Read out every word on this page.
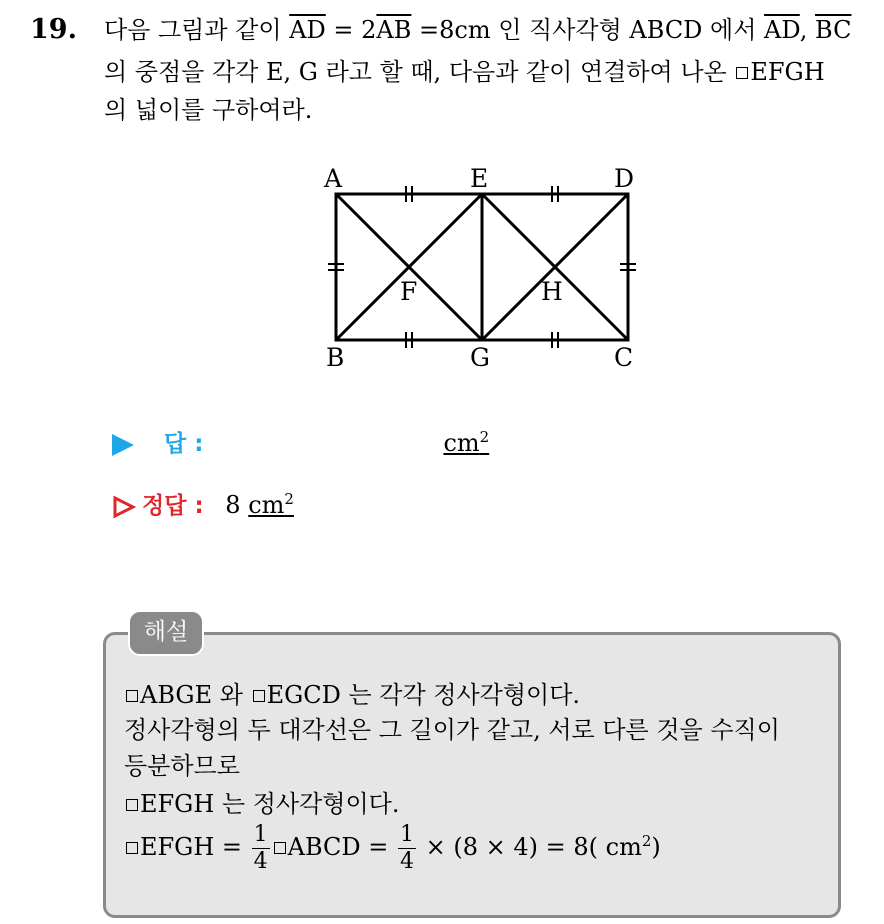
19. 다음 그림과 같이 $\overline{AD} = 2\overline{AB} =8cm$ 인 직사각형 ABCD 에서 $\overline{AD}$, $\overline{BC}$
의 중점을 각각 E, G 라고 할 때, 다음과 같이 연결하여 나온 EFGH
의 넓이를 구하여라.
A	E	D
F	H
B	G	C
답 :	$cm^2$
정답 : 8 $cm^2$
해설
ABGE 와 EGCD 는 각각 정사각형이다.
정사각형의 두 대각선은 그 길이가 같고, 서로 다른 것을 수직이
등분하므로
EFGH 는 정사각형이다.
EFGH = $\frac{1}{4}$ ABCD = $\frac{1}{4} \times (8 \times 4) = 8$( $cm^2$)
